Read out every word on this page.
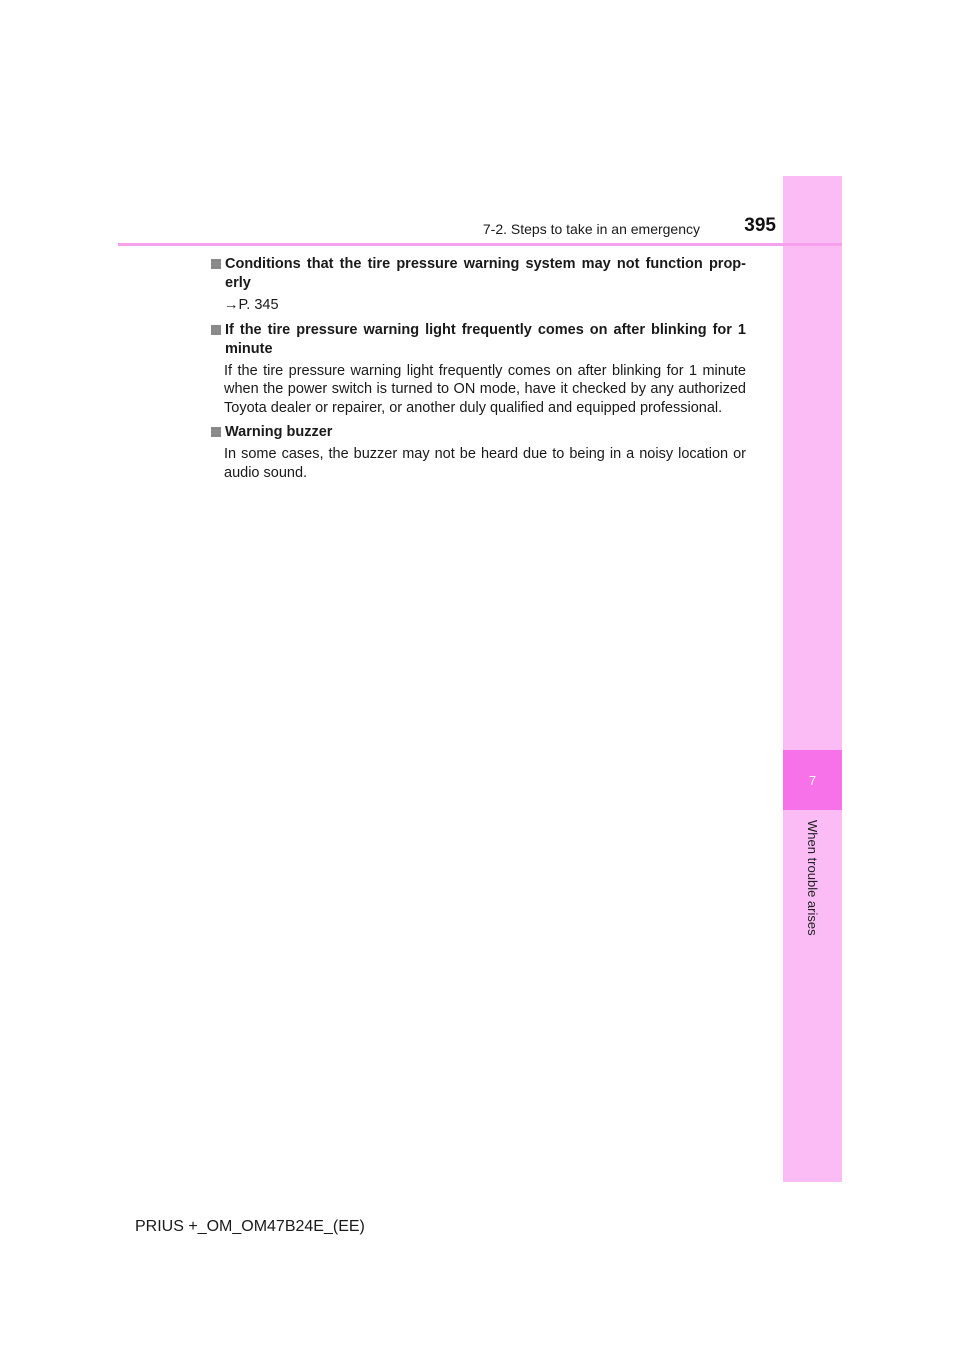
7
When trouble arises
7-2. Steps to take in an emergency	395
Conditions that the tire pressure warning system may not function prop-erly
→P. 345
If the tire pressure warning light frequently comes on after blinking for 1 minute
If the tire pressure warning light frequently comes on after blinking for 1 minute when the power switch is turned to ON mode, have it checked by any authorized Toyota dealer or repairer, or another duly qualified and equipped professional.
Warning buzzer
In some cases, the buzzer may not be heard due to being in a noisy location or audio sound.
PRIUS +_OM_OM47B24E_(EE)
